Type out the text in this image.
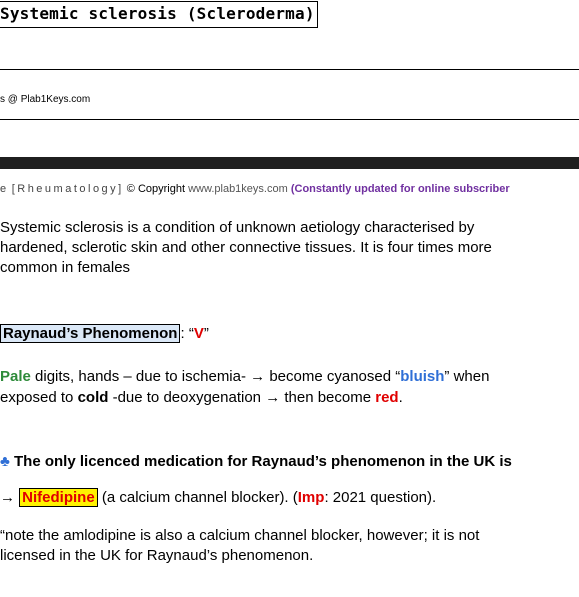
Systemic sclerosis (Scleroderma)
s @ Plab1Keys.com
e [Rheumatology] © Copyright www.plab1keys.com (Constantly updated for online subscriber
Systemic sclerosis is a condition of unknown aetiology characterised by
hardened, sclerotic skin and other connective tissues. It is four times more
common in females
Raynaud’s Phenomenon : “V”
Pale digits, hands – due to ischemia- → become cyanosed “bluish” when
exposed to cold -due to deoxygenation → then become red.
♣ The only licenced medication for Raynaud’s phenomenon in the UK is
→ Nifedipine (a calcium channel blocker). (Imp: 2021 question).
“note the amlodipine is also a calcium channel blocker, however; it is not
licensed in the UK for Raynaud’s phenomenon.
